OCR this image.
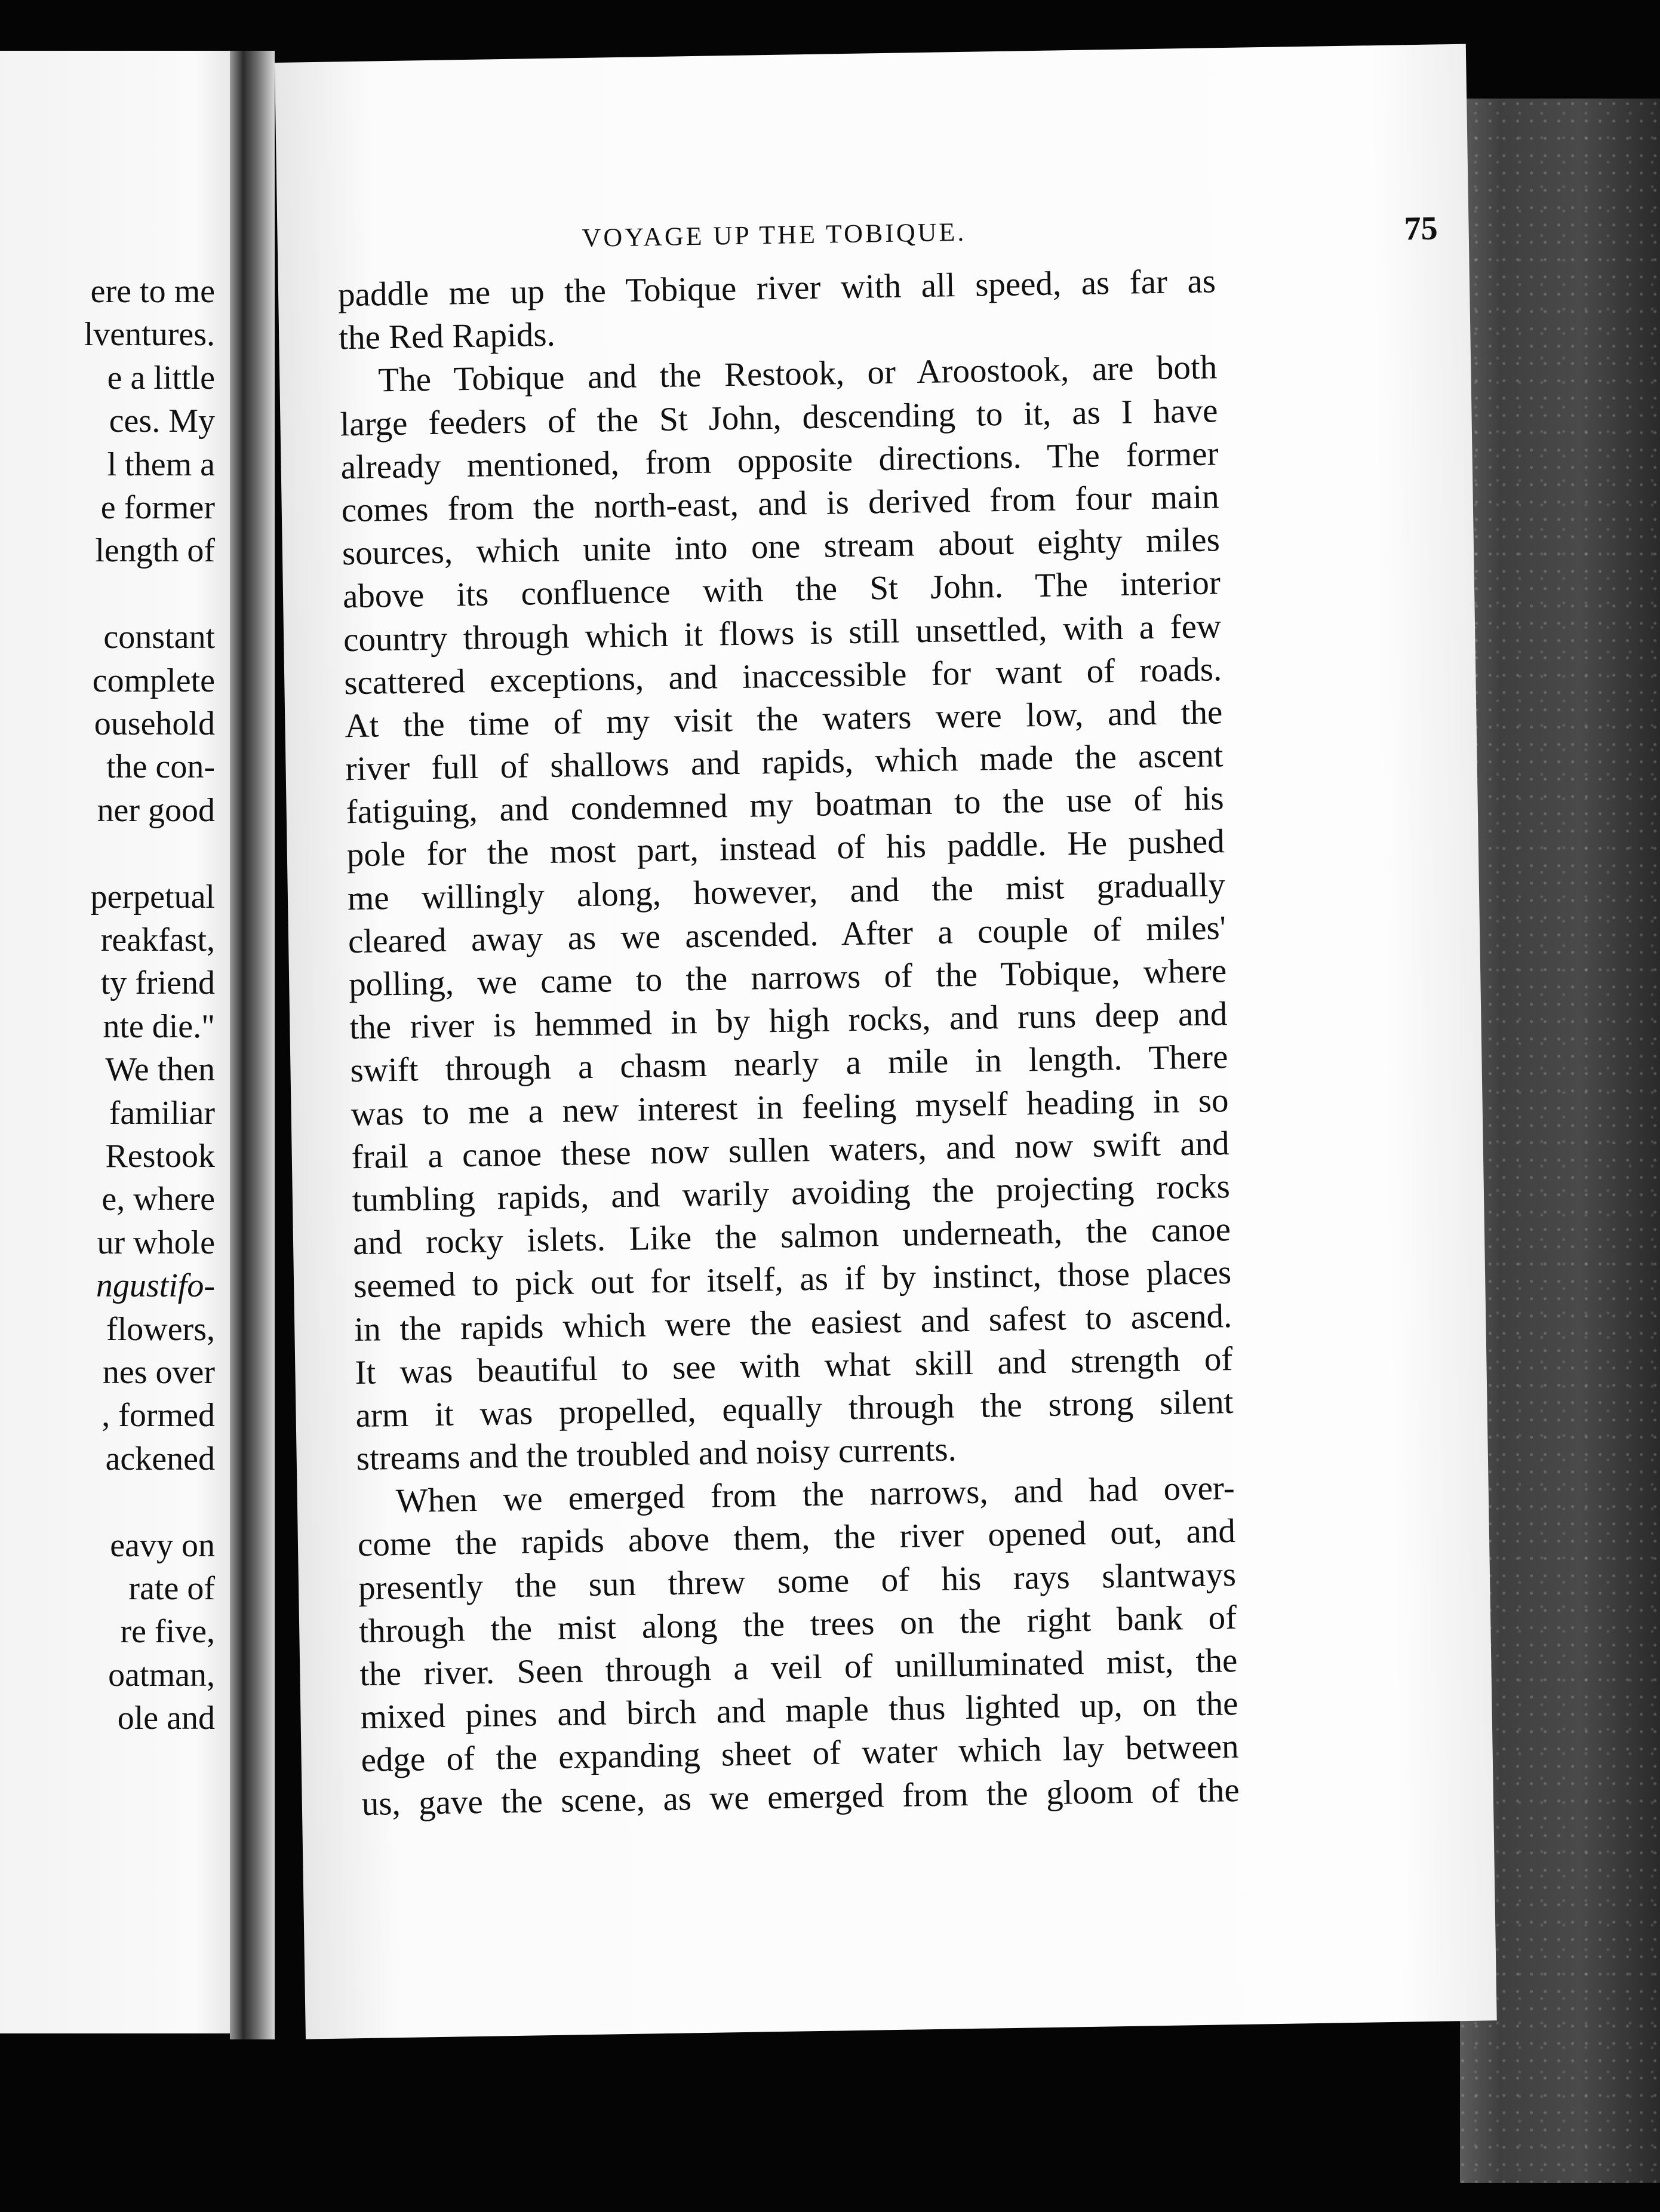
ere to me
lventures.
e a little
ces. My
l them a
e former
length of
constant
complete
ousehold
the con-
ner good
perpetual
reakfast,
ty friend
nte die."
We then
familiar
Restook
e, where
ur whole
ngustifo-
flowers,
nes over
, formed
ackened
eavy on
rate of
re five,
oatman,
ole and
VOYAGE UP THE TOBIQUE.	75
paddle me up the Tobique river with all speed, as far as
the Red Rapids.
The Tobique and the Restook, or Aroostook, are both
large feeders of the St John, descending to it, as I have
already mentioned, from opposite directions. The former
comes from the north-east, and is derived from four main
sources, which unite into one stream about eighty miles
above its confluence with the St John. The interior
country through which it flows is still unsettled, with a few
scattered exceptions, and inaccessible for want of roads.
At the time of my visit the waters were low, and the
river full of shallows and rapids, which made the ascent
fatiguing, and condemned my boatman to the use of his
pole for the most part, instead of his paddle. He pushed
me willingly along, however, and the mist gradually
cleared away as we ascended. After a couple of miles'
polling, we came to the narrows of the Tobique, where
the river is hemmed in by high rocks, and runs deep and
swift through a chasm nearly a mile in length. There
was to me a new interest in feeling myself heading in so
frail a canoe these now sullen waters, and now swift and
tumbling rapids, and warily avoiding the projecting rocks
and rocky islets. Like the salmon underneath, the canoe
seemed to pick out for itself, as if by instinct, those places
in the rapids which were the easiest and safest to ascend.
It was beautiful to see with what skill and strength of
arm it was propelled, equally through the strong silent
streams and the troubled and noisy currents.
When we emerged from the narrows, and had over-
come the rapids above them, the river opened out, and
presently the sun threw some of his rays slantways
through the mist along the trees on the right bank of
the river. Seen through a veil of unilluminated mist, the
mixed pines and birch and maple thus lighted up, on the
edge of the expanding sheet of water which lay between
us, gave the scene, as we emerged from the gloom of the
